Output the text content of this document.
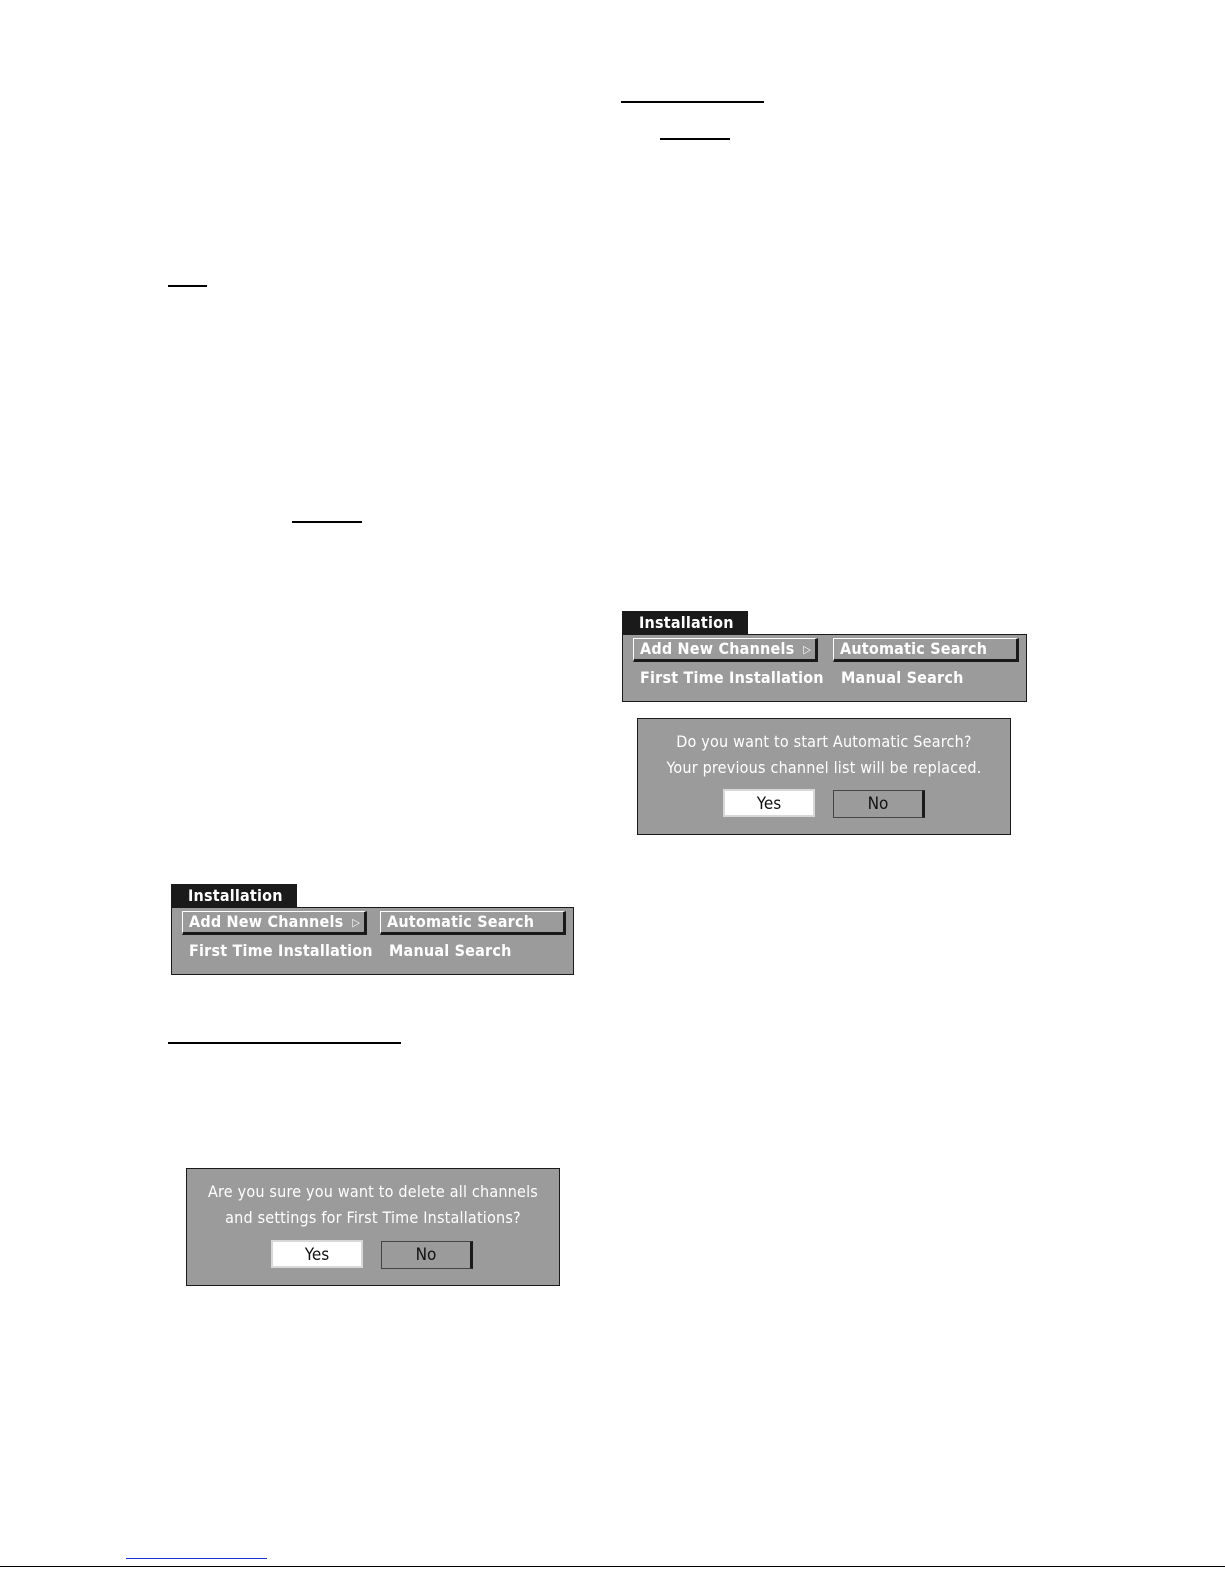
Installation
Add New Channels ▷
First Time Installation
Automatic Search
Manual Search
Do you want to start Automatic Search?
Your previous channel list will be replaced.
Yes	No
Installation
Add New Channels ▷
First Time Installation
Automatic Search
Manual Search
Are you sure you want to delete all channels
and settings for First Time Installations?
Yes	No
